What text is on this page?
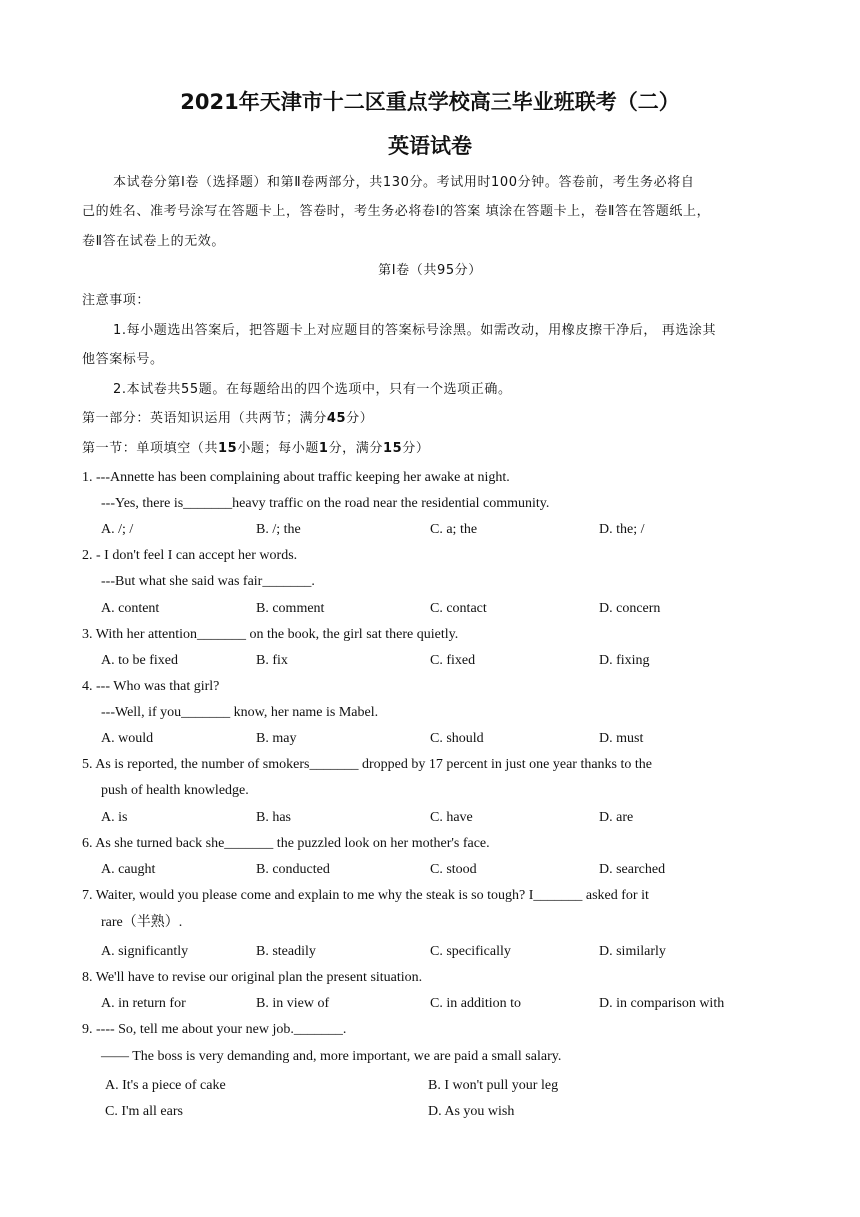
2021年天津市十二区重点学校高三毕业班联考（二）
英语试卷
本试卷分第Ⅰ卷（选择题）和第Ⅱ卷两部分，共130分。考试用时100分钟。答卷前，考生务必将自
己的姓名、准考号涂写在答题卡上，答卷时，考生务必将卷Ⅰ的答案 填涂在答题卡上，卷Ⅱ答在答题纸上，
卷Ⅱ答在试卷上的无效。
第Ⅰ卷（共95分）
注意事项：
1.每小题选出答案后，把答题卡上对应题目的答案标号涂黑。如需改动，用橡皮擦干净后， 再选涂其
他答案标号。
2.本试卷共55题。在每题给出的四个选项中，只有一个选项正确。
第一部分：英语知识运用（共两节；满分45分）
第一节：单项填空（共15小题；每小题1分，满分15分）
1. ---Annette has been complaining about traffic keeping her awake at night.
---Yes, there is_______heavy traffic on the road near the residential community.
A. /; /	B. /; the	C. a; the	D. the; /
2. - I don't feel I can accept her words.
---But what she said was fair_______.
A. content	B. comment	C. contact	D. concern
3. With her attention_______ on the book, the girl sat there quietly.
A. to be fixed	B. fix	C. fixed	D. fixing
4. --- Who was that girl?
---Well, if you_______ know, her name is Mabel.
A. would	B. may	C. should	D. must
5. As is reported, the number of smokers_______ dropped by 17 percent in just one year thanks to the
push of health knowledge.
A. is	B. has	C. have	D. are
6. As she turned back she_______ the puzzled look on her mother's face.
A. caught	B. conducted	C. stood	D. searched
7. Waiter, would you please come and explain to me why the steak is so tough? I_______ asked for it
rare（半熟）.
A. significantly	B. steadily	C. specifically	D. similarly
8. We'll have to revise our original plan the present situation.
A. in return for	B. in view of	C. in addition to	D. in comparison with
9. ---- So, tell me about your new job._______.
—— The boss is very demanding and, more important, we are paid a small salary.
A. It's a piece of cake	B. I won't pull your leg
C. I'm all ears	D. As you wish
